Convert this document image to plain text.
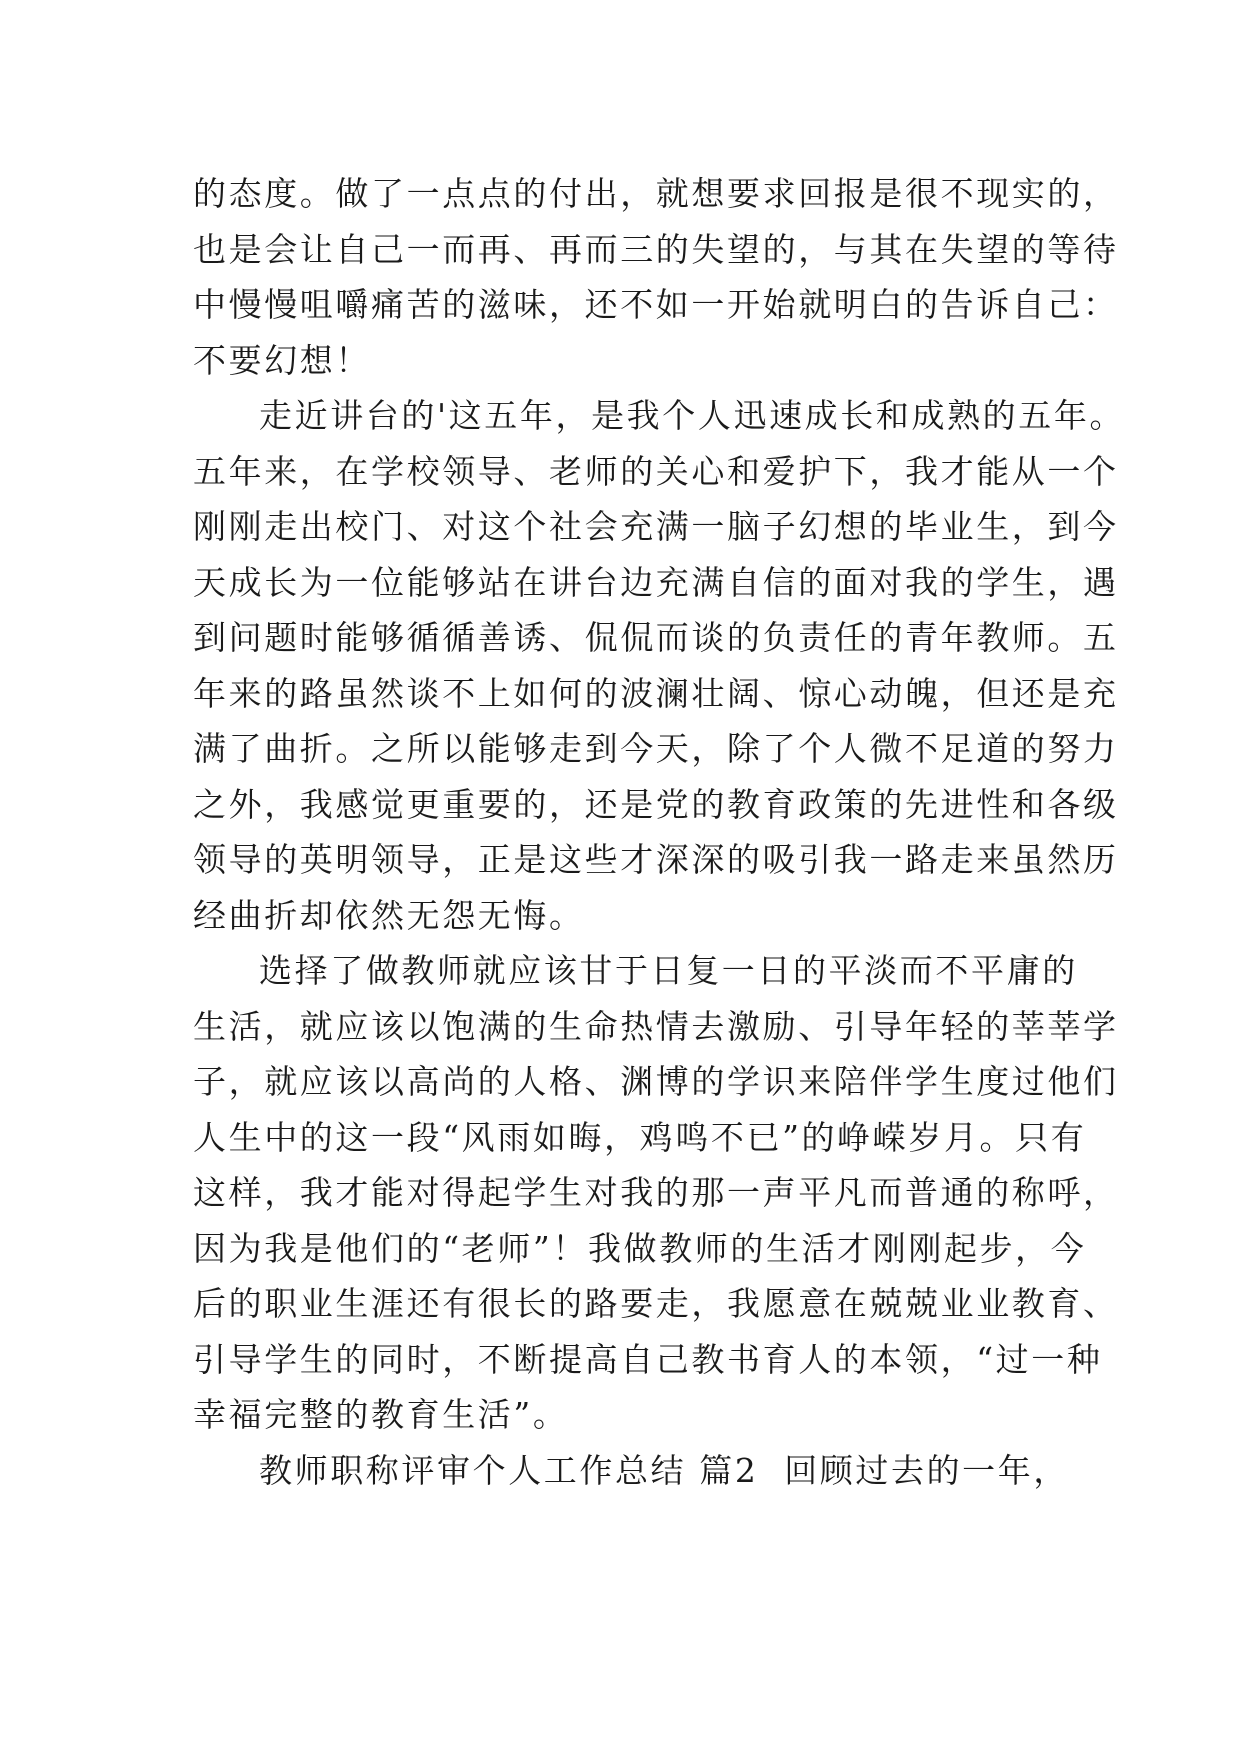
的态度。做了一点点的付出，就想要求回报是很不现实的，
也是会让自己一而再、再而三的失望的，与其在失望的等待
中慢慢咀嚼痛苦的滋味，还不如一开始就明白的告诉自己：
不要幻想！
走近讲台的'这五年，是我个人迅速成长和成熟的五年。
五年来，在学校领导、老师的关心和爱护下，我才能从一个
刚刚走出校门、对这个社会充满一脑子幻想的毕业生，到今
天成长为一位能够站在讲台边充满自信的面对我的学生，遇
到问题时能够循循善诱、侃侃而谈的负责任的青年教师。五
年来的路虽然谈不上如何的波澜壮阔、惊心动魄，但还是充
满了曲折。之所以能够走到今天，除了个人微不足道的努力
之外，我感觉更重要的，还是党的教育政策的先进性和各级
领导的英明领导，正是这些才深深的吸引我一路走来虽然历
经曲折却依然无怨无悔。
选择了做教师就应该甘于日复一日的平淡而不平庸的
生活，就应该以饱满的生命热情去激励、引导年轻的莘莘学
子，就应该以高尚的人格、渊博的学识来陪伴学生度过他们
人生中的这一段“风雨如晦，鸡鸣不已”的峥嵘岁月。只有
这样，我才能对得起学生对我的那一声平凡而普通的称呼，
因为我是他们的“老师”！我做教师的生活才刚刚起步，今
后的职业生涯还有很长的路要走，我愿意在兢兢业业教育、
引导学生的同时，不断提高自己教书育人的本领，“过一种
幸福完整的教育生活”。
教师职称评审个人工作总结 篇2 回顾过去的一年，
